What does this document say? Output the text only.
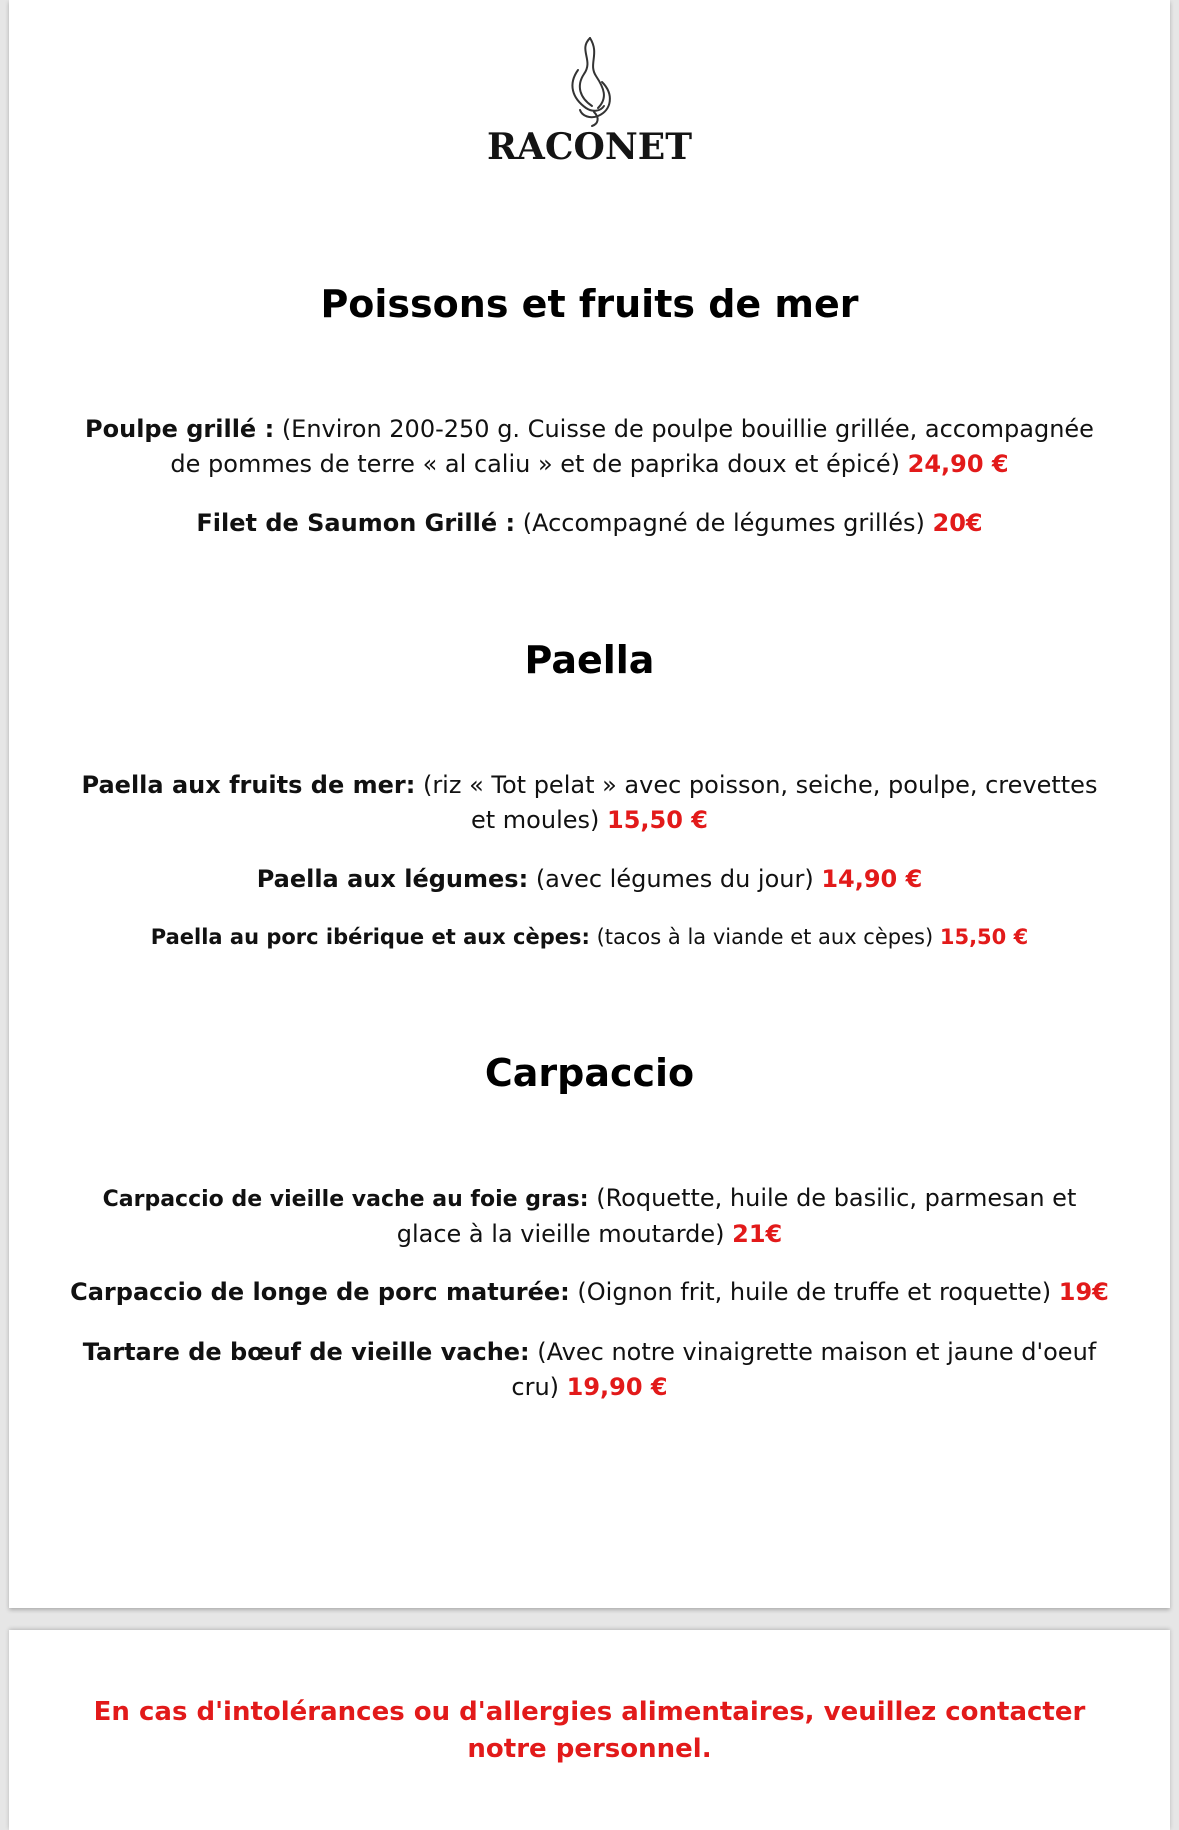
RACONET
Poissons et fruits de mer

Poulpe grillé : (Environ 200-250 g. Cuisse de poulpe bouillie grillée, accompagnée de pommes de terre « al caliu » et de paprika doux et épicé) 24,90 €

Filet de Saumon Grillé : (Accompagné de légumes grillés) 20€

Paella

Paella aux fruits de mer: (riz « Tot pelat » avec poisson, seiche, poulpe, crevettes et moules) 15,50 €

Paella aux légumes: (avec légumes du jour) 14,90 €

Paella au porc ibérique et aux cèpes: (tacos à la viande et aux cèpes) 15,50 €

Carpaccio

Carpaccio de vieille vache au foie gras: (Roquette, huile de basilic, parmesan et glace à la vieille moutarde) 21€

Carpaccio de longe de porc maturée: (Oignon frit, huile de truffe et roquette) 19€

Tartare de bœuf de vieille vache: (Avec notre vinaigrette maison et jaune d'oeuf cru) 19,90 €

En cas d'intolérances ou d'allergies alimentaires, veuillez contacter notre personnel.
